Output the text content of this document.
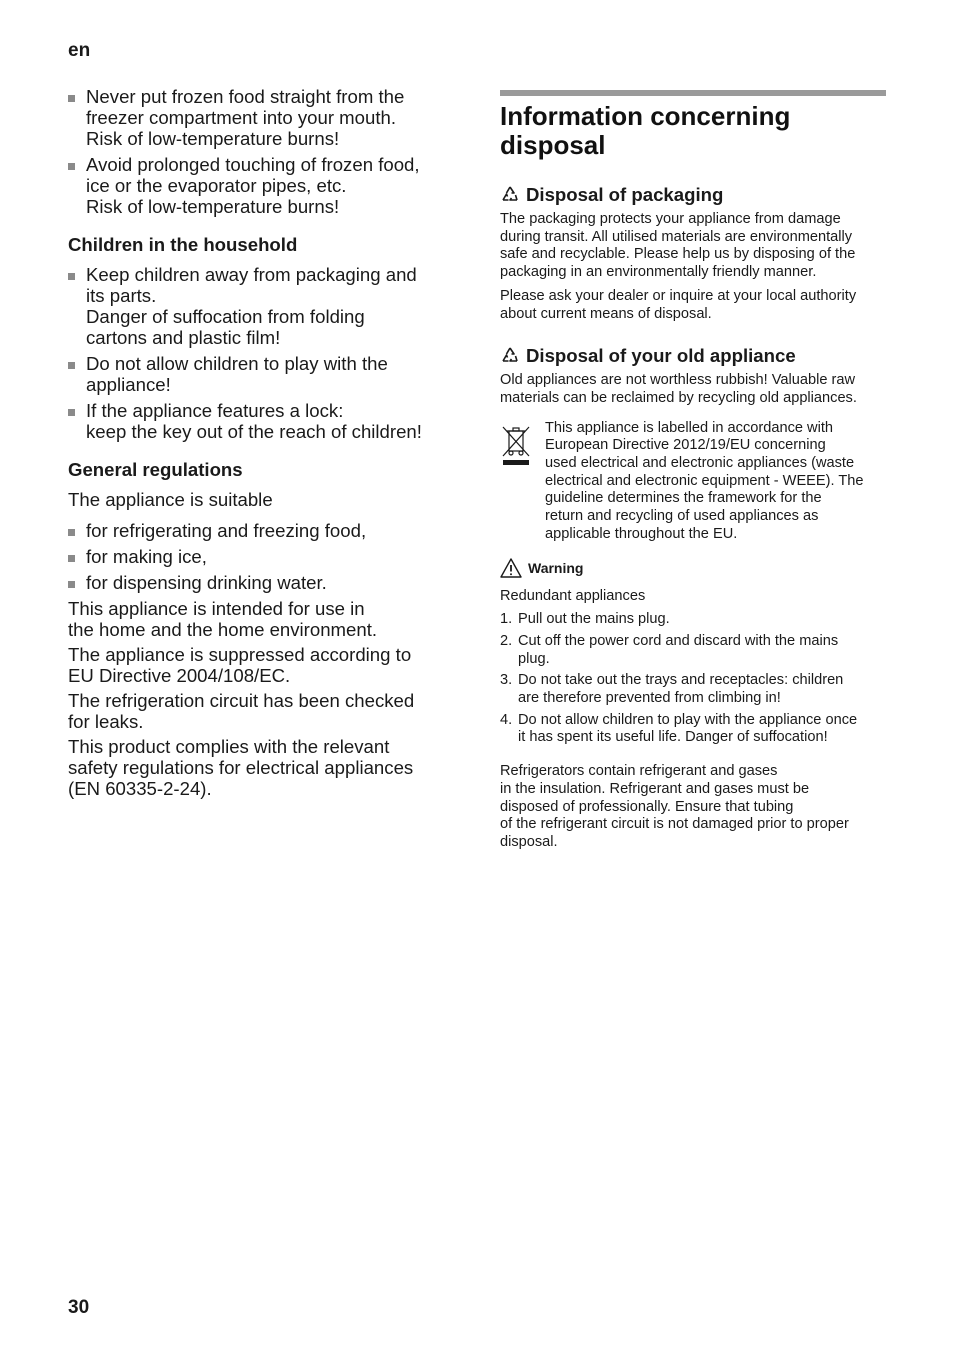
en
Never put frozen food straight from the
freezer compartment into your mouth.
Risk of low-temperature burns!
Avoid prolonged touching of frozen food,
ice or the evaporator pipes, etc.
Risk of low-temperature burns!
Children in the household
Keep children away from packaging and
its parts.
Danger of suffocation from folding
cartons and plastic film!
Do not allow children to play with the
appliance!
If the appliance features a lock:
keep the key out of the reach of children!
General regulations

The appliance is suitable

for refrigerating and freezing food,
for making ice,
for dispensing drinking water.
This appliance is intended for use in
the home and the home environment.
The appliance is suppressed according to
EU Directive 2004/108/EC.
The refrigeration circuit has been checked
for leaks.
This product complies with the relevant
safety regulations for electrical appliances
(EN 60335-2-24).
Information concerning
disposal
Disposal of packaging

The packaging protects your appliance from damage
during transit. All utilised materials are environmentally
safe and recyclable. Please help us by disposing of the
packaging in an environmentally friendly manner.

Please ask your dealer or inquire at your local authority
about current means of disposal.

Disposal of your old appliance

Old appliances are not worthless rubbish! Valuable raw
materials can be reclaimed by recycling old appliances.

This appliance is labelled in accordance with
European Directive 2012/19/EU concerning
used electrical and electronic appliances (waste
electrical and electronic equipment - WEEE). The
guideline determines the framework for the
return and recycling of used appliances as
applicable throughout the EU.
Warning

Redundant appliances

1. Pull out the mains plug.
2. Cut off the power cord and discard with the mains
plug.
3. Do not take out the trays and receptacles: children
are therefore prevented from climbing in!
4. Do not allow children to play with the appliance once
it has spent its useful life. Danger of suffocation!

Refrigerators contain refrigerant and gases
in the insulation. Refrigerant and gases must be
disposed of professionally. Ensure that tubing
of the refrigerant circuit is not damaged prior to proper
disposal.

30
